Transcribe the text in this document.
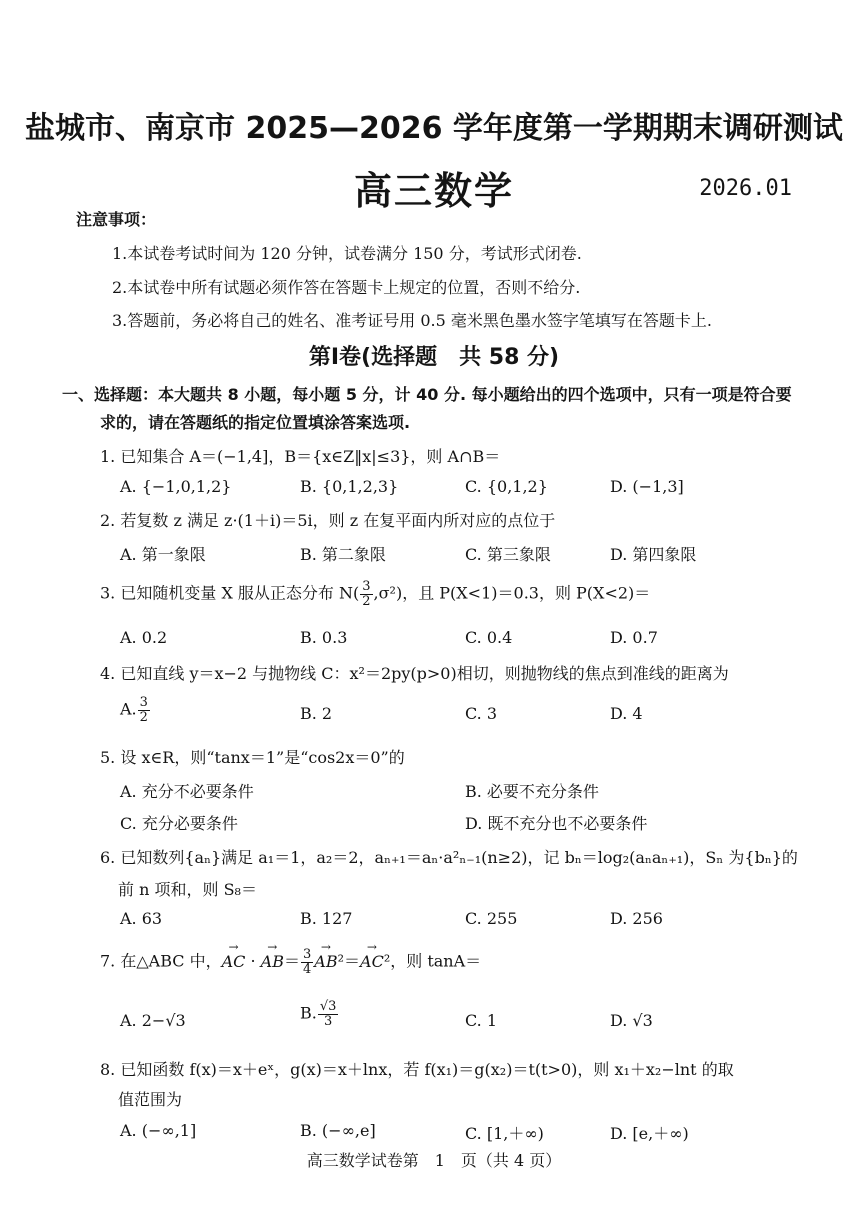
盐城市、南京市 2025—2026 学年度第一学期期末调研测试
高三数学	2026.01
注意事项：
1.本试卷考试时间为 120 分钟，试卷满分 150 分，考试形式闭卷.
2.本试卷中所有试题必须作答在答题卡上规定的位置，否则不给分.
3.答题前，务必将自己的姓名、准考证号用 0.5 毫米黑色墨水签字笔填写在答题卡上.
第Ⅰ卷(选择题　共 58 分)
一、选择题：本大题共 8 小题，每小题 5 分，计 40 分. 每小题给出的四个选项中，只有一项是符合要
求的，请在答题纸的指定位置填涂答案选项.
1. 已知集合 A＝(−1,4]，B＝{x∈Z‖x|≤3}，则 A∩B＝
A. {−1,0,1,2}	B. {0,1,2,3}	C. {0,1,2}	D. (−1,3]
2. 若复数 z 满足 z·(1＋i)＝5i，则 z 在复平面内所对应的点位于
A. 第一象限	B. 第二象限	C. 第三象限	D. 第四象限
3. 已知随机变量 X 服从正态分布 $N( \frac{3}{2} ,\sigma^2)$，且 P(X<1)＝0.3，则 P(X<2)＝
A. 0.2	B. 0.3	C. 0.4	D. 0.7
4. 已知直线 y＝x−2 与抛物线 C：x²＝2py(p>0)相切，则抛物线的焦点到准线的距离为
A. $\frac{3}{2}$	B. 2	C. 3	D. 4
5. 设 x∈R，则“tanx＝1”是“cos2x＝0”的
A. 充分不必要条件	B. 必要不充分条件
C. 充分必要条件	D. 既不充分也不必要条件
6. 已知数列{aₙ}满足 a₁＝1，a₂＝2，aₙ₊₁＝aₙ·a²ₙ₋₁(n≥2)，记 bₙ＝log₂(aₙaₙ₊₁)，Sₙ 为{bₙ}的
前 n 项和，则 S₈＝
A. 63	B. 127	C. 255	D. 256
7. 在△ABC 中，→ AC · → $AB= \frac{3}{4}$
→ AB²＝→ AC²，则 tanA＝
A. 2−√3	B. $\frac{√3}{3}$	C. 1	D. √3
8. 已知函数 f(x)＝x＋eˣ，g(x)＝x＋lnx，若 f(x₁)＝g(x₂)＝t(t>0)，则 x₁＋x₂−lnt 的取
值范围为
A. (−∞,1]	B. (−∞,e]	C. [1,＋∞)	D. [e,＋∞)
高三数学试卷第　1　页（共 4 页）
